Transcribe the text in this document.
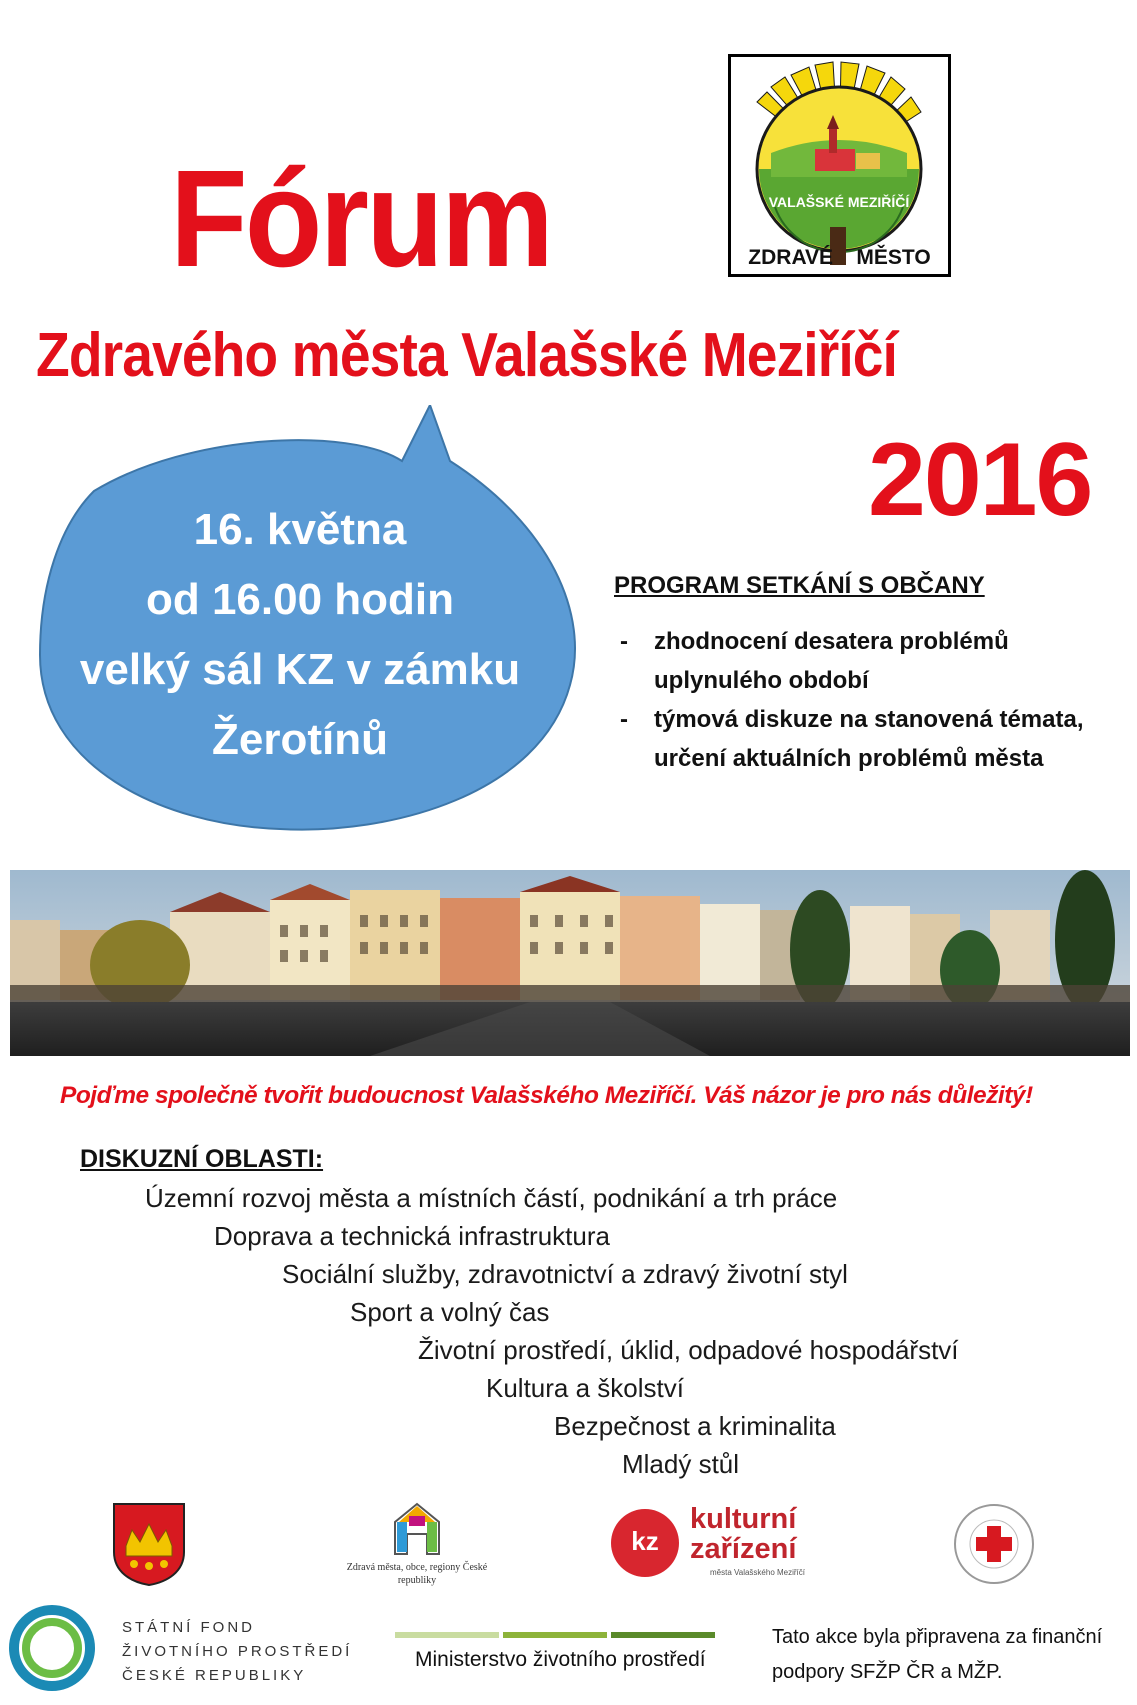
Fórum
Zdravého města Valašské Meziříčí
2016
VALAŠSKÉ MEZIŘÍČÍ
ZDRAVÉ MĚSTO
16. května
od 16.00 hodin
velký sál KZ v zámku
Žerotínů
PROGRAM SETKÁNÍ S OBČANY
- zhodnocení desatera problémů uplynulého období
- týmová diskuze na stanovená témata, určení aktuálních problémů města
Pojďme společně tvořit budoucnost Valašského Meziříčí. Váš názor je pro nás důležitý!
DISKUZNÍ OBLASTI:
Územní rozvoj města a místních částí, podnikání a trh práce
Doprava a technická infrastruktura
Sociální služby, zdravotnictví a zdravý životní styl
Sport a volný čas
Životní prostředí, úklid, odpadové hospodářství
Kultura a školství
Bezpečnost a kriminalita
Mladý stůl
Zdravá města, obce, regiony České republiky
kz
kulturní
zařízení
města Valašského Meziříčí
STÁTNÍ FOND
ŽIVOTNÍHO PROSTŘEDÍ
ČESKÉ REPUBLIKY
Ministerstvo životního prostředí
Tato akce byla připravena za finanční podpory SFŽP ČR a MŽP.
